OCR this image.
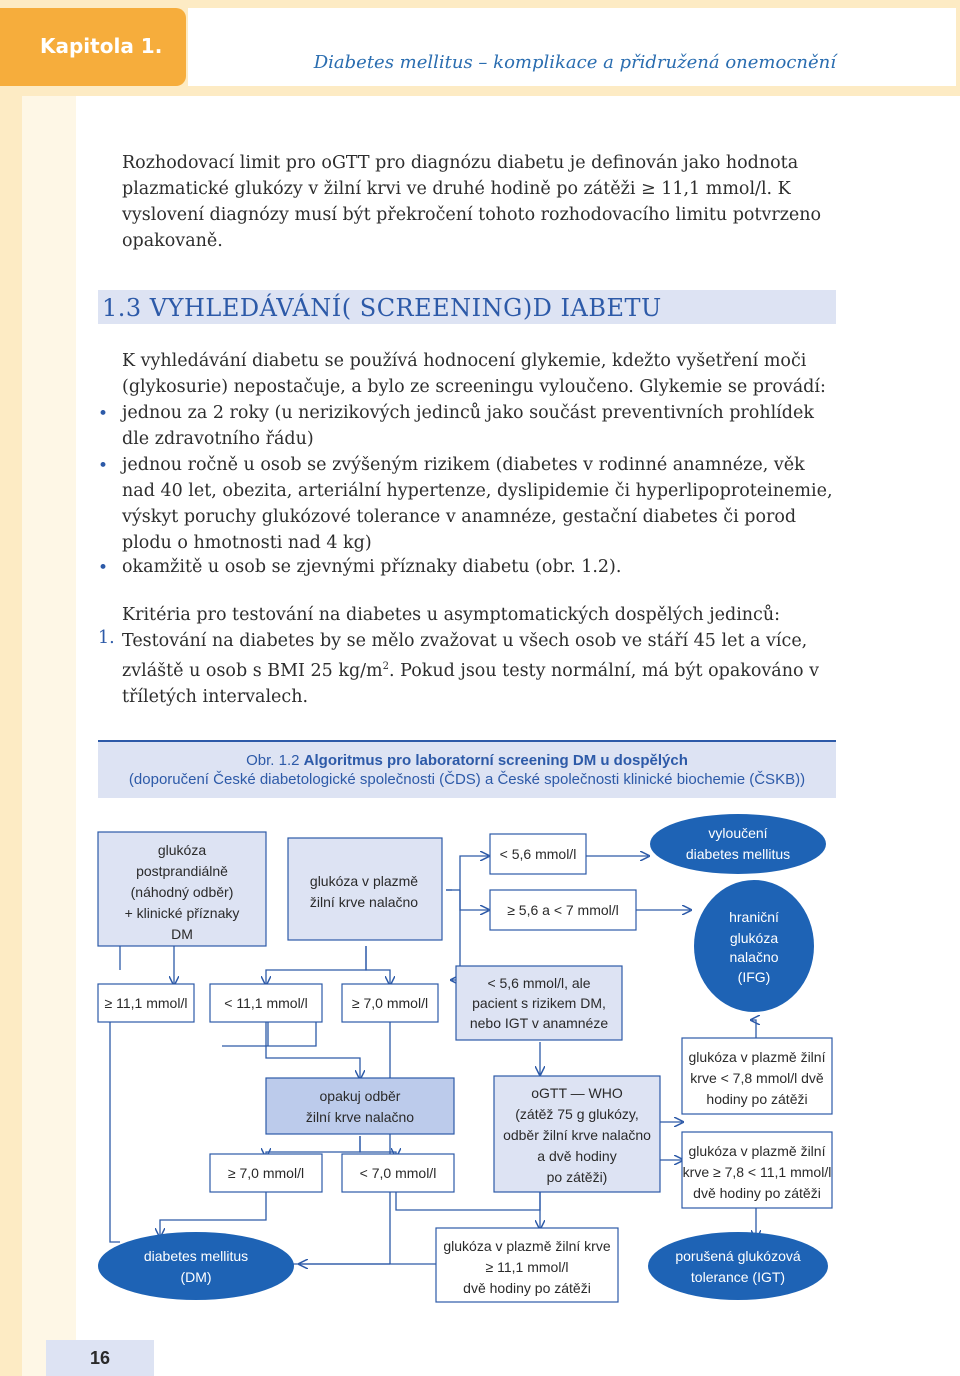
Kapitola 1.
Diabetes mellitus – komplikace a přidružená onemocnění
Rozhodovací limit pro oGTT pro diagnózu diabetu je definován jako hodnota plazmatické glukózy v žilní krvi ve druhé hodině po zátěži ≥ 11,1 mmol/l. K vyslovení diagnózy musí být překročení tohoto rozhodovacího limitu potvrzeno opakovaně.
1.3 VYHLEDÁVÁNÍ( SCREENING)D IABETU
K vyhledávání diabetu se používá hodnocení glykemie, kdežto vyšetření moči (glykosurie) nepostačuje, a bylo ze screeningu vyloučeno. Glykemie se provádí:
• jednou za 2 roky (u nerizikových jedinců jako součást preventivních prohlídek dle zdravotního řádu)
• jednou ročně u osob se zvýšeným rizikem (diabetes v rodinné anamnéze, věk nad 40 let, obezita, arteriální hypertenze, dyslipidemie či hyperlipoproteinemie, výskyt poruchy glukózové tolerance v anamnéze, gestační diabetes či porod plodu o hmotnosti nad 4 kg)
• okamžitě u osob se zjevnými příznaky diabetu (obr. 1.2).
Kritéria pro testování na diabetes u asymptomatických dospělých jedinců:
1. Testování na diabetes by se mělo zvažovat u všech osob ve stáří 45 let a více, zvláště u osob s BMI 25 $kg/m^2$. Pokud jsou testy normální, má být opakováno v tříletých intervalech.
Obr. 1.2 Algoritmus pro laboratorní screening DM u dospělých
(doporučení České diabetologické společnosti (ČDS) a České společnosti klinické biochemie (ČSKB))
glukóza
postprandiálně
(náhodný odběr)
+ klinické příznaky
DM
glukóza v plazmě
žilní krve nalačno
≥ 11,1 mmol/l	< 11,1 mmol/l	≥ 7,0 mmol/l
< 5,6 mmol/l
≥ 5,6 a < 7 mmol/l
< 5,6 mmol/l, ale
pacient s rizikem DM,
nebo IGT v anamnéze
vyloučení
diabetes mellitus
hraniční
glukóza
nalačno
(IFG)
opakuj odběr
žilní krve nalačno
oGTT — WHO
(zátěž 75 g glukózy,
odběr žilní krve nalačno
a dvě hodiny
po zátěži)
glukóza v plazmě žilní
krve < 7,8 mmol/l dvě
hodiny po zátěži
glukóza v plazmě žilní
krve ≥ 7,8 < 11,1 mmol/l
dvě hodiny po zátěži
≥ 7,0 mmol/l	< 7,0 mmol/l
diabetes mellitus
(DM)
glukóza v plazmě žilní krve
≥ 11,1 mmol/l
dvě hodiny po zátěži
porušená glukózová
tolerance (IGT)
16
